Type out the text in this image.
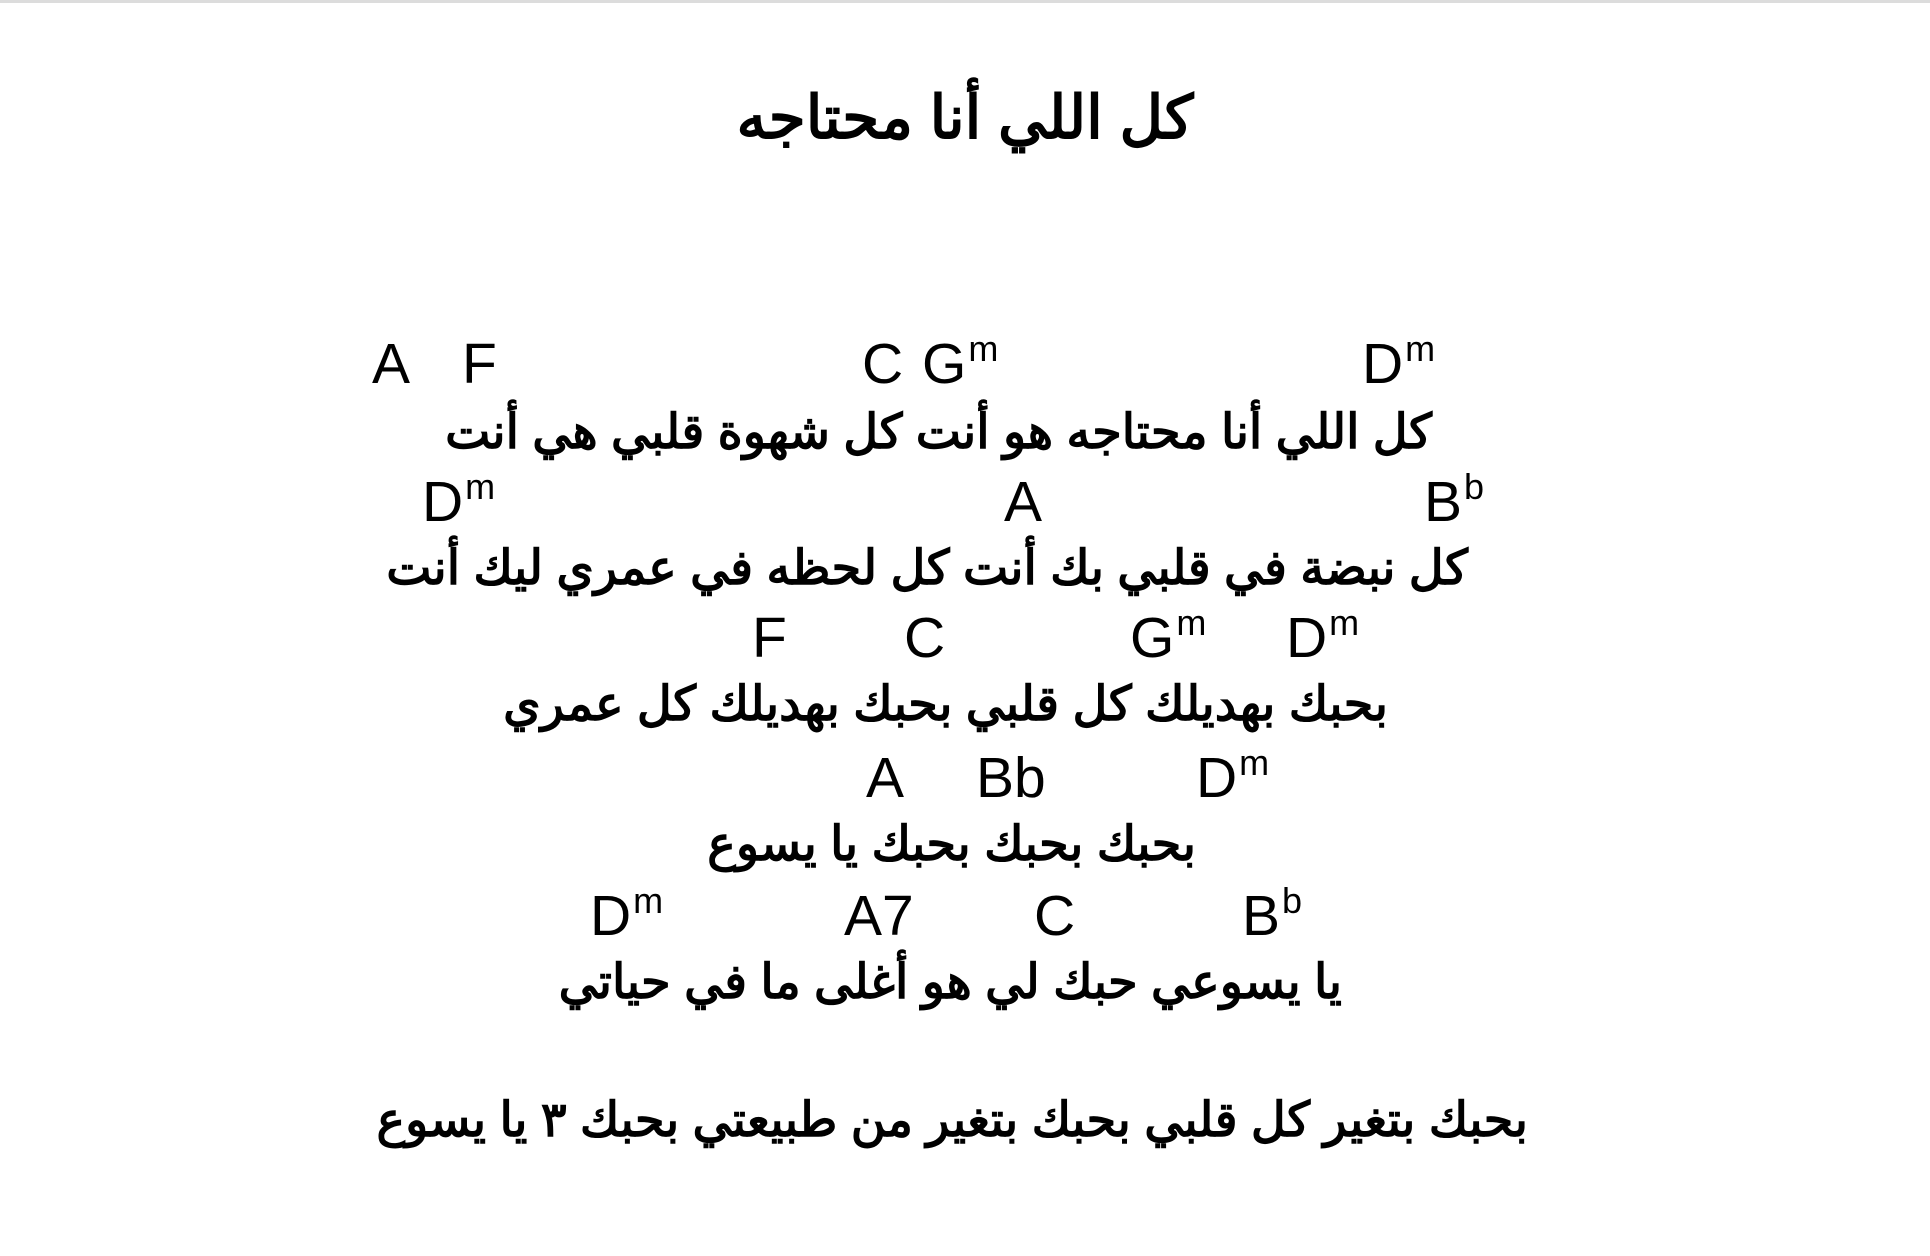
كل اللي أنا محتاجه
A F	C $G^m$	$D^m$
كل اللي أنا محتاجه هو أنت كل شهوة قلبي هي أنت
$D^m$	A	$B^b$
كل نبضة في قلبي بك أنت كل لحظه في عمري ليك أنت
F C	$G^m$ $D^m$
بحبك بهديلك كل قلبي بحبك بهديلك كل عمري
A Bb	$D^m$
بحبك بحبك بحبك يا يسوع
$D^m$	A7 C	$B^b$
يا يسوعي حبك لي هو أغلى ما في حياتي
بحبك بتغير كل قلبي بحبك بتغير من طبيعتي بحبك ٣ يا يسوع
